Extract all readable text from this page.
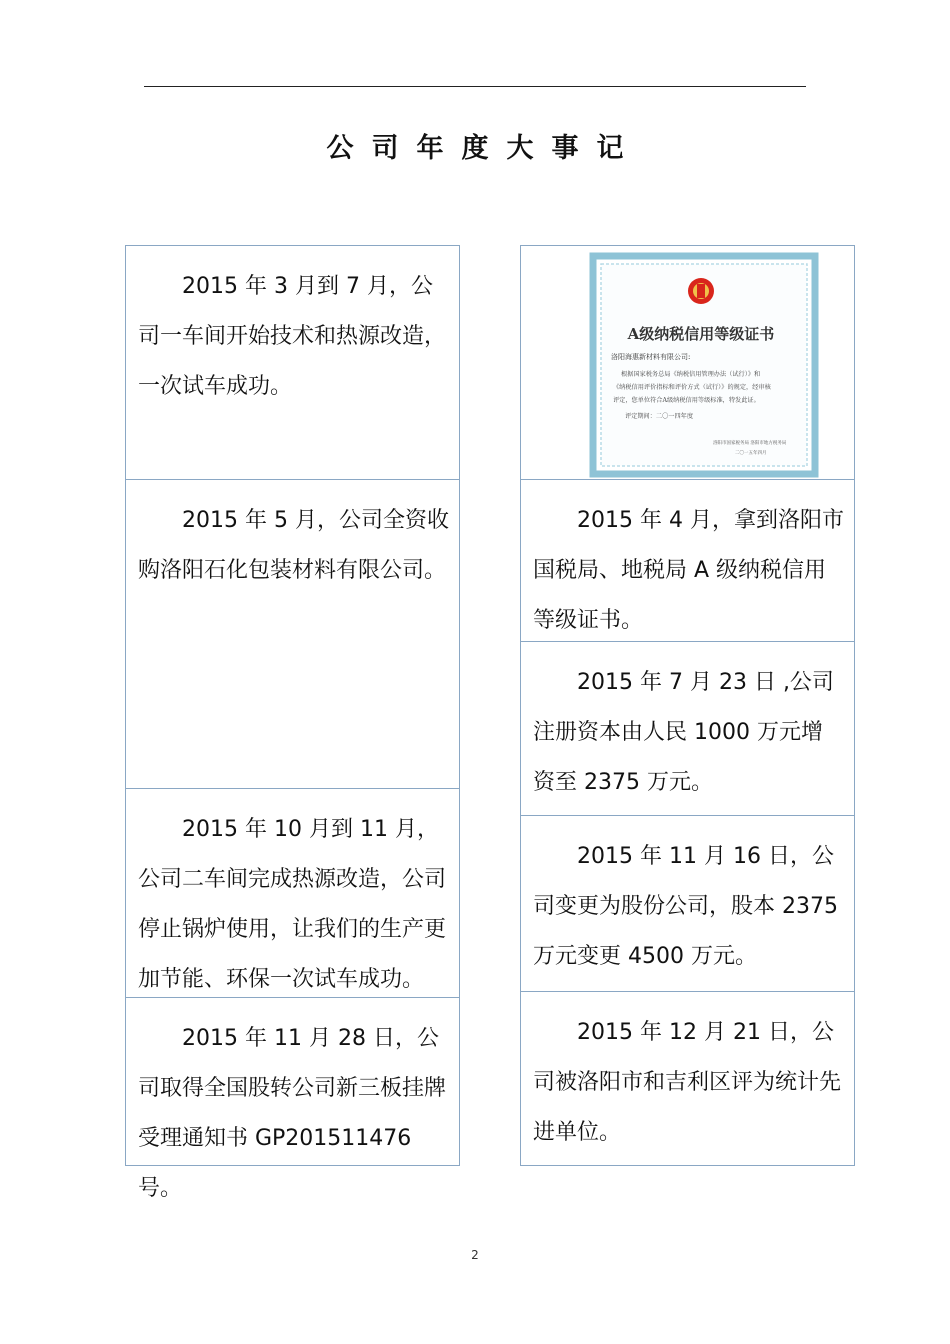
公司年度大事记

2015 年 3 月到 7 月，公司一车间开始技术和热源改造，一次试车成功。

2015 年 5 月，公司全资收购洛阳石化包装材料有限公司。

2015 年 10 月到 11 月，公司二车间完成热源改造，公司停止锅炉使用，让我们的生产更加节能、环保一次试车成功。

2015 年 11 月 28 日，公司取得全国股转公司新三板挂牌受理通知书 GP201511476 号。

A级纳税信用等级证书
洛阳海惠新材料有限公司:
根据国家税务总局《纳税信用管理办法（试行）》和
《纳税信用评价指标和评价方式（试行）》的规定，经审核
评定，您单位符合A级纳税信用等级标准，特发此证。
评定期间：二〇一四年度
洛阳市国家税务局 洛阳市地方税务局
二〇一五年四月

2015 年 4 月，拿到洛阳市国税局、地税局 A 级纳税信用等级证书。

2015 年 7 月 23 日 ,公司注册资本由人民 1000 万元增资至 2375 万元。

2015 年 11 月 16 日，公司变更为股份公司，股本 2375 万元变更 4500 万元。

2015 年 12 月 21 日，公司被洛阳市和吉利区评为统计先进单位。

2
